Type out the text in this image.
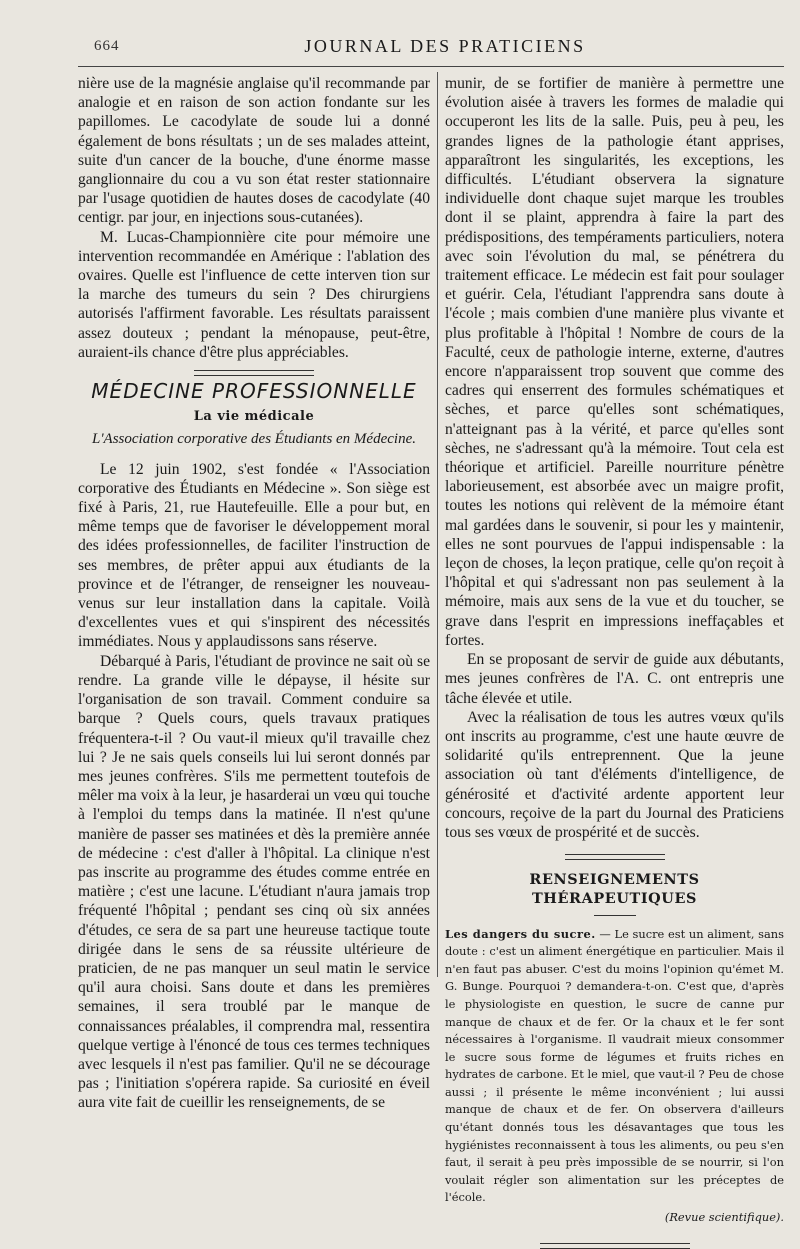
664	JOURNAL DES PRATICIENS

nière use de la magnésie anglaise qu'il recommande par analogie et en raison de son action fondante sur les papillomes. Le cacodylate de soude lui a donné également de bons résultats ; un de ses malades atteint, suite d'un cancer de la bouche, d'une énorme masse ganglionnaire du cou a vu son état rester stationnaire par l'usage quotidien de hautes doses de cacodylate (40 centigr. par jour, en injections sous-cutanées).

M. Lucas-Championnière cite pour mémoire une intervention recommandée en Amérique : l'ablation des ovaires. Quelle est l'influence de cette interven tion sur la marche des tumeurs du sein ? Des chirurgiens autorisés l'affirment favorable. Les résultats paraissent assez douteux ; pendant la ménopause, peut-être, auraient-ils chance d'être plus appréciables.

MÉDECINE PROFESSIONNELLE
La vie médicale
L'Association corporative des Étudiants en Médecine.

Le 12 juin 1902, s'est fondée « l'Association corporative des Étudiants en Médecine ». Son siège est fixé à Paris, 21, rue Hautefeuille. Elle a pour but, en même temps que de favoriser le développement moral des idées professionnelles, de faciliter l'instruction de ses membres, de prêter appui aux étudiants de la province et de l'étranger, de renseigner les nouveau-venus sur leur installation dans la capitale. Voilà d'excellentes vues et qui s'inspirent des nécessités immédiates. Nous y applaudissons sans réserve.

Débarqué à Paris, l'étudiant de province ne sait où se rendre. La grande ville le dépayse, il hésite sur l'organisation de son travail. Comment conduire sa barque ? Quels cours, quels travaux pratiques fréquentera-t-il ? Ou vaut-il mieux qu'il travaille chez lui ? Je ne sais quels conseils lui lui seront donnés par mes jeunes confrères. S'ils me permettent toutefois de mêler ma voix à la leur, je hasarderai un vœu qui touche à l'emploi du temps dans la matinée. Il n'est qu'une manière de passer ses matinées et dès la première année de médecine : c'est d'aller à l'hôpital. La clinique n'est pas inscrite au programme des études comme entrée en matière ; c'est une lacune. L'étudiant n'aura jamais trop fréquenté l'hôpital ; pendant ses cinq où six années d'études, ce sera de sa part une heureuse tactique toute dirigée dans le sens de sa réussite ultérieure de praticien, de ne pas manquer un seul matin le service qu'il aura choisi. Sans doute et dans les premières semaines, il sera troublé par le manque de connaissances préalables, il comprendra mal, ressentira quelque vertige à l'énoncé de tous ces termes techniques avec lesquels il n'est pas familier. Qu'il ne se décourage pas ; l'initiation s'opérera rapide. Sa curiosité en éveil aura vite fait de cueillir les renseignements, de se

munir, de se fortifier de manière à permettre une évolution aisée à travers les formes de maladie qui occuperont les lits de la salle. Puis, peu à peu, les grandes lignes de la pathologie étant apprises, apparaîtront les singularités, les exceptions, les difficultés. L'étudiant observera la signature individuelle dont chaque sujet marque les troubles dont il se plaint, apprendra à faire la part des prédispositions, des tempéraments particuliers, notera avec soin l'évolution du mal, se pénétrera du traitement efficace. Le médecin est fait pour soulager et guérir. Cela, l'étudiant l'apprendra sans doute à l'école ; mais combien d'une manière plus vivante et plus profitable à l'hôpital ! Nombre de cours de la Faculté, ceux de pathologie interne, externe, d'autres encore n'apparaissent trop souvent que comme des cadres qui enserrent des formules schématiques et sèches, et parce qu'elles sont schématiques, n'atteignant pas à la vérité, et parce qu'elles sont sèches, ne s'adressant qu'à la mémoire. Tout cela est théorique et artificiel. Pareille nourriture pénètre laborieusement, est absorbée avec un maigre profit, toutes les notions qui relèvent de la mémoire étant mal gardées dans le souvenir, si pour les y maintenir, elles ne sont pourvues de l'appui indispensable : la leçon de choses, la leçon pratique, celle qu'on reçoit à l'hôpital et qui s'adressant non pas seulement à la mémoire, mais aux sens de la vue et du toucher, se grave dans l'esprit en impressions ineffaçables et fortes.

En se proposant de servir de guide aux débutants, mes jeunes confrères de l'A. C. ont entrepris une tâche élevée et utile.

Avec la réalisation de tous les autres vœux qu'ils ont inscrits au programme, c'est une haute œuvre de solidarité qu'ils entreprennent. Que la jeune association où tant d'éléments d'intelligence, de générosité et d'activité ardente apportent leur concours, reçoive de la part du Journal des Praticiens tous ses vœux de prospérité et de succès.

RENSEIGNEMENTS THÉRAPEUTIQUES

Les dangers du sucre. — Le sucre est un aliment, sans doute : c'est un aliment énergétique en particulier. Mais il n'en faut pas abuser. C'est du moins l'opinion qu'émet M. G. Bunge. Pourquoi ? demandera-t-on. C'est que, d'après le physiologiste en question, le sucre de canne pur manque de chaux et de fer. Or la chaux et le fer sont nécessaires à l'organisme. Il vaudrait mieux consommer le sucre sous forme de légumes et fruits riches en hydrates de carbone. Et le miel, que vaut-il ? Peu de chose aussi ; il présente le même inconvénient ; lui aussi manque de chaux et de fer. On observera d'ailleurs qu'étant donnés tous les désavantages que tous les hygiénistes reconnaissent à tous les aliments, ou peu s'en faut, il serait à peu près impossible de se nourrir, si l'on voulait régler son alimentation sur les préceptes de l'école.

(Revue scientifique).
